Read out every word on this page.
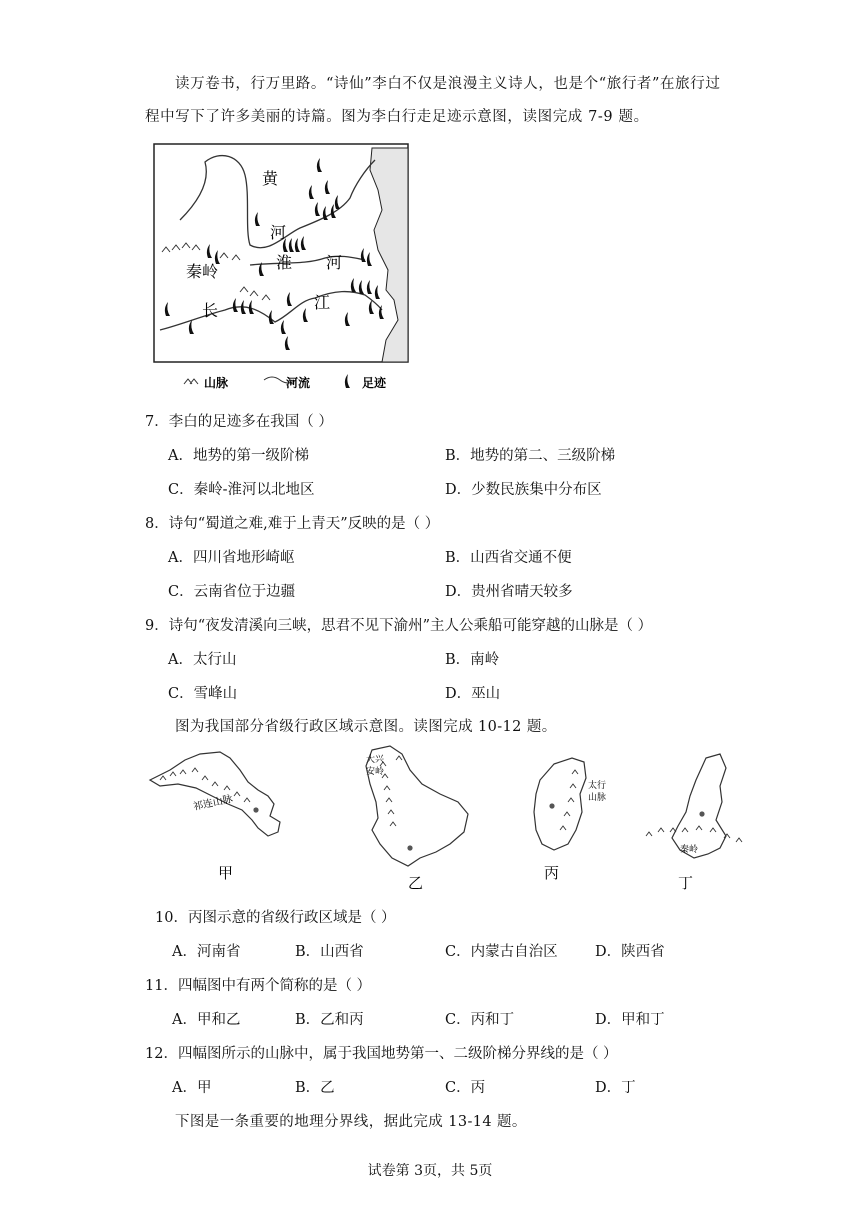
读万卷书，行万里路。“诗仙”李白不仅是浪漫主义诗人，也是个“旅行者”在旅行过
程中写下了许多美丽的诗篇。图为李白行走足迹示意图，读图完成 7-9 题。
黄
河
秦岭	淮 河
长	江
山脉	河流	足迹
7．李白的足迹多在我国（ ）
A．地势的第一级阶梯	B．地势的第二、三级阶梯
C．秦岭-淮河以北地区	D．少数民族集中分布区
8．诗句“蜀道之难,难于上青天”反映的是（ ）
A．四川省地形崎岖	B．山西省交通不便
C．云南省位于边疆	D．贵州省晴天较多
9．诗句“夜发清溪向三峡，思君不见下渝州”主人公乘船可能穿越的山脉是（ ）
A．太行山	B．南岭
C．雪峰山	D．巫山
图为我国部分省级行政区域示意图。读图完成 10-12 题。
祁连山脉
甲
大兴
安岭
乙
太行
山脉
丙
秦岭
丁
10．丙图示意的省级行政区域是（ ）
A．河南省	B．山西省	C．内蒙古自治区	D．陕西省
11．四幅图中有两个简称的是（ ）
A．甲和乙	B．乙和丙	C．丙和丁	D．甲和丁
12．四幅图所示的山脉中，属于我国地势第一、二级阶梯分界线的是（ ）
A．甲	B．乙	C．丙	D．丁
下图是一条重要的地理分界线，据此完成 13-14 题。
试卷第 3页，共 5页
